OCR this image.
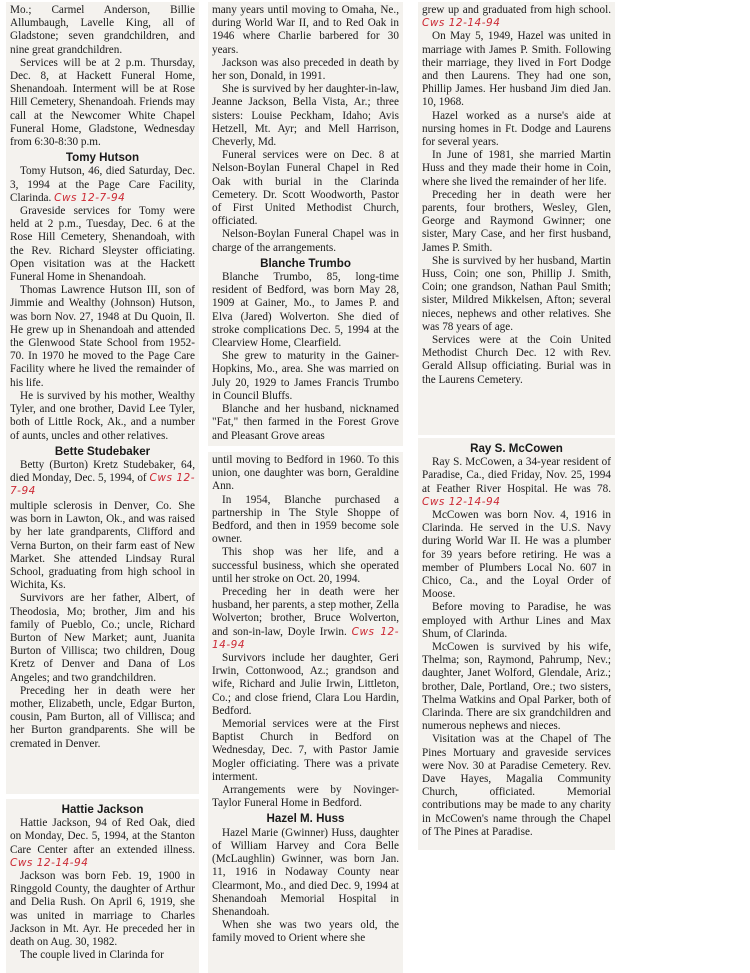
Mo.; Carmel Anderson, Billie Allumbaugh, Lavelle King, all of Gladstone; seven grandchildren, and nine great grandchildren.

Services will be at 2 p.m. Thursday, Dec. 8, at Hackett Funeral Home, Shenandoah. Interment will be at Rose Hill Cemetery, Shenandoah. Friends may call at the Newcomer White Chapel Funeral Home, Gladstone, Wednesday from 6:30-8:30 p.m.

Tomy Hutson

Tomy Hutson, 46, died Saturday, Dec. 3, 1994 at the Page Care Facility, Clarinda. Cws 12-7-94

Graveside services for Tomy were held at 2 p.m., Tuesday, Dec. 6 at the Rose Hill Cemetery, Shenandoah, with the Rev. Richard Sleyster officiating. Open visitation was at the Hackett Funeral Home in Shenandoah.

Thomas Lawrence Hutson III, son of Jimmie and Wealthy (Johnson) Hutson, was born Nov. 27, 1948 at Du Quoin, Il. He grew up in Shenandoah and attended the Glenwood State School from 1952-70. In 1970 he moved to the Page Care Facility where he lived the remainder of his life.

He is survived by his mother, Wealthy Tyler, and one brother, David Lee Tyler, both of Little Rock, Ak., and a number of aunts, uncles and other relatives.

Bette Studebaker

Betty (Burton) Kretz Studebaker, 64, died Monday, Dec. 5, 1994, of Cws 12-7-94

multiple sclerosis in Denver, Co. She was born in Lawton, Ok., and was raised by her late grandparents, Clifford and Verna Burton, on their farm east of New Market. She attended Lindsay Rural School, graduating from high school in Wichita, Ks.

Survivors are her father, Albert, of Theodosia, Mo; brother, Jim and his family of Pueblo, Co.; uncle, Richard Burton of New Market; aunt, Juanita Burton of Villisca; two children, Doug Kretz of Denver and Dana of Los Angeles; and two grandchildren.

Preceding her in death were her mother, Elizabeth, uncle, Edgar Burton, cousin, Pam Burton, all of Villisca; and her Burton grandparents. She will be cremated in Denver.

Hattie Jackson

Hattie Jackson, 94 of Red Oak, died on Monday, Dec. 5, 1994, at the Stanton Care Center after an extended illness. Cws 12-14-94

Jackson was born Feb. 19, 1900 in Ringgold County, the daughter of Arthur and Delia Rush. On April 6, 1919, she was united in marriage to Charles Jackson in Mt. Ayr. He preceded her in death on Aug. 30, 1982.

The couple lived in Clarinda for

many years until moving to Omaha, Ne., during World War II, and to Red Oak in 1946 where Charlie barbered for 30 years.

Jackson was also preceded in death by her son, Donald, in 1991.

She is survived by her daughter-in-law, Jeanne Jackson, Bella Vista, Ar.; three sisters: Louise Peckham, Idaho; Avis Hetzell, Mt. Ayr; and Mell Harrison, Cheverly, Md.

Funeral services were on Dec. 8 at Nelson-Boylan Funeral Chapel in Red Oak with burial in the Clarinda Cemetery. Dr. Scott Woodworth, Pastor of First United Methodist Church, officiated.

Nelson-Boylan Funeral Chapel was in charge of the arrangements.

Blanche Trumbo

Blanche Trumbo, 85, long-time resident of Bedford, was born May 28, 1909 at Gainer, Mo., to James P. and Elva (Jared) Wolverton. She died of stroke complications Dec. 5, 1994 at the Clearview Home, Clearfield.

She grew to maturity in the Gainer-Hopkins, Mo., area. She was married on July 20, 1929 to James Francis Trumbo in Council Bluffs.

Blanche and her husband, nicknamed "Fat," then farmed in the Forest Grove and Pleasant Grove areas

until moving to Bedford in 1960. To this union, one daughter was born, Geraldine Ann.

In 1954, Blanche purchased a partnership in The Style Shoppe of Bedford, and then in 1959 become sole owner.

This shop was her life, and a successful business, which she operated until her stroke on Oct. 20, 1994.

Preceding her in death were her husband, her parents, a step mother, Zella Wolverton; brother, Bruce Wolverton, and son-in-law, Doyle Irwin. Cws 12-14-94

Survivors include her daughter, Geri Irwin, Cottonwood, Az.; grandson and wife, Richard and Julie Irwin, Littleton, Co.; and close friend, Clara Lou Hardin, Bedford.

Memorial services were at the First Baptist Church in Bedford on Wednesday, Dec. 7, with Pastor Jamie Mogler officiating. There was a private interment.

Arrangements were by Novinger-Taylor Funeral Home in Bedford.

Hazel M. Huss

Hazel Marie (Gwinner) Huss, daughter of William Harvey and Cora Belle (McLaughlin) Gwinner, was born Jan. 11, 1916 in Nodaway County near Clearmont, Mo., and died Dec. 9, 1994 at Shenandoah Memorial Hospital in Shenandoah.

When she was two years old, the family moved to Orient where she

grew up and graduated from high school. Cws 12-14-94

On May 5, 1949, Hazel was united in marriage with James P. Smith. Following their marriage, they lived in Fort Dodge and then Laurens. They had one son, Phillip James. Her husband Jim died Jan. 10, 1968.

Hazel worked as a nurse's aide at nursing homes in Ft. Dodge and Laurens for several years.

In June of 1981, she married Martin Huss and they made their home in Coin, where she lived the remainder of her life.

Preceding her in death were her parents, four brothers, Wesley, Glen, George and Raymond Gwinner; one sister, Mary Case, and her first husband, James P. Smith.

She is survived by her husband, Martin Huss, Coin; one son, Phillip J. Smith, Coin; one grandson, Nathan Paul Smith; sister, Mildred Mikkelsen, Afton; several nieces, nephews and other relatives. She was 78 years of age.

Services were at the Coin United Methodist Church Dec. 12 with Rev. Gerald Allsup officiating. Burial was in the Laurens Cemetery.

Ray S. McCowen

Ray S. McCowen, a 34-year resident of Paradise, Ca., died Friday, Nov. 25, 1994 at Feather River Hospital. He was 78. Cws 12-14-94

McCowen was born Nov. 4, 1916 in Clarinda. He served in the U.S. Navy during World War II. He was a plumber for 39 years before retiring. He was a member of Plumbers Local No. 607 in Chico, Ca., and the Loyal Order of Moose.

Before moving to Paradise, he was employed with Arthur Lines and Max Shum, of Clarinda.

McCowen is survived by his wife, Thelma; son, Raymond, Pahrump, Nev.; daughter, Janet Wolford, Glendale, Ariz.; brother, Dale, Portland, Ore.; two sisters, Thelma Watkins and Opal Parker, both of Clarinda. There are six grandchildren and numerous nephews and nieces.

Visitation was at the Chapel of The Pines Mortuary and graveside services were Nov. 30 at Paradise Cemetery. Rev. Dave Hayes, Magalia Community Church, officiated. Memorial contributions may be made to any charity in McCowen's name through the Chapel of The Pines at Paradise.
